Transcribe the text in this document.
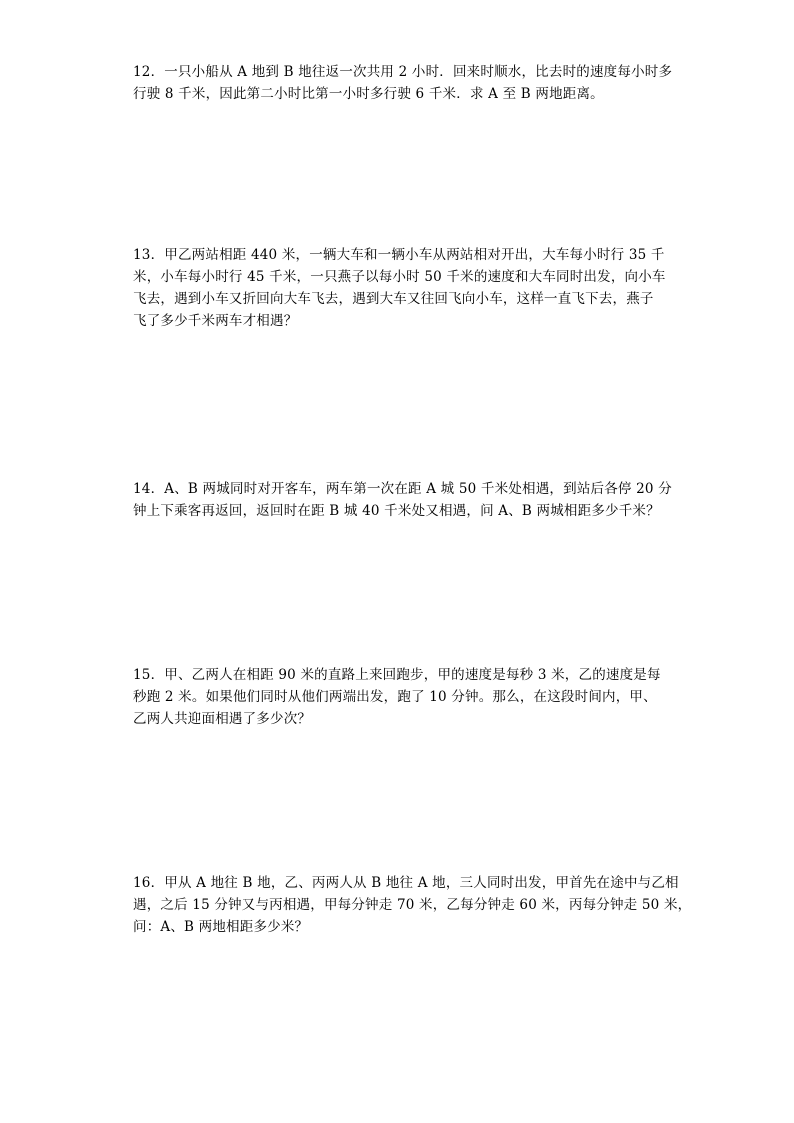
12．一只小船从 A 地到 B 地往返一次共用 2 小时．回来时顺水，比去时的速度每小时多
行驶 8 千米，因此第二小时比第一小时多行驶 6 千米．求 A 至 B 两地距离。
13．甲乙两站相距 440 米，一辆大车和一辆小车从两站相对开出，大车每小时行 35 千
米，小车每小时行 45 千米，一只燕子以每小时 50 千米的速度和大车同时出发，向小车
飞去，遇到小车又折回向大车飞去，遇到大车又往回飞向小车，这样一直飞下去，燕子
飞了多少千米两车才相遇？
14．A、B 两城同时对开客车，两车第一次在距 A 城 50 千米处相遇，到站后各停 20 分
钟上下乘客再返回，返回时在距 B 城 40 千米处又相遇，问 A、B 两城相距多少千米？
15．甲、乙两人在相距 90 米的直路上来回跑步，甲的速度是每秒 3 米，乙的速度是每
秒跑 2 米。如果他们同时从他们两端出发，跑了 10 分钟。那么，在这段时间内，甲、
乙两人共迎面相遇了多少次？
16．甲从 A 地往 B 地，乙、丙两人从 B 地往 A 地，三人同时出发，甲首先在途中与乙相
遇，之后 15 分钟又与丙相遇，甲每分钟走 70 米，乙每分钟走 60 米，丙每分钟走 50 米，
问：A、B 两地相距多少米？
